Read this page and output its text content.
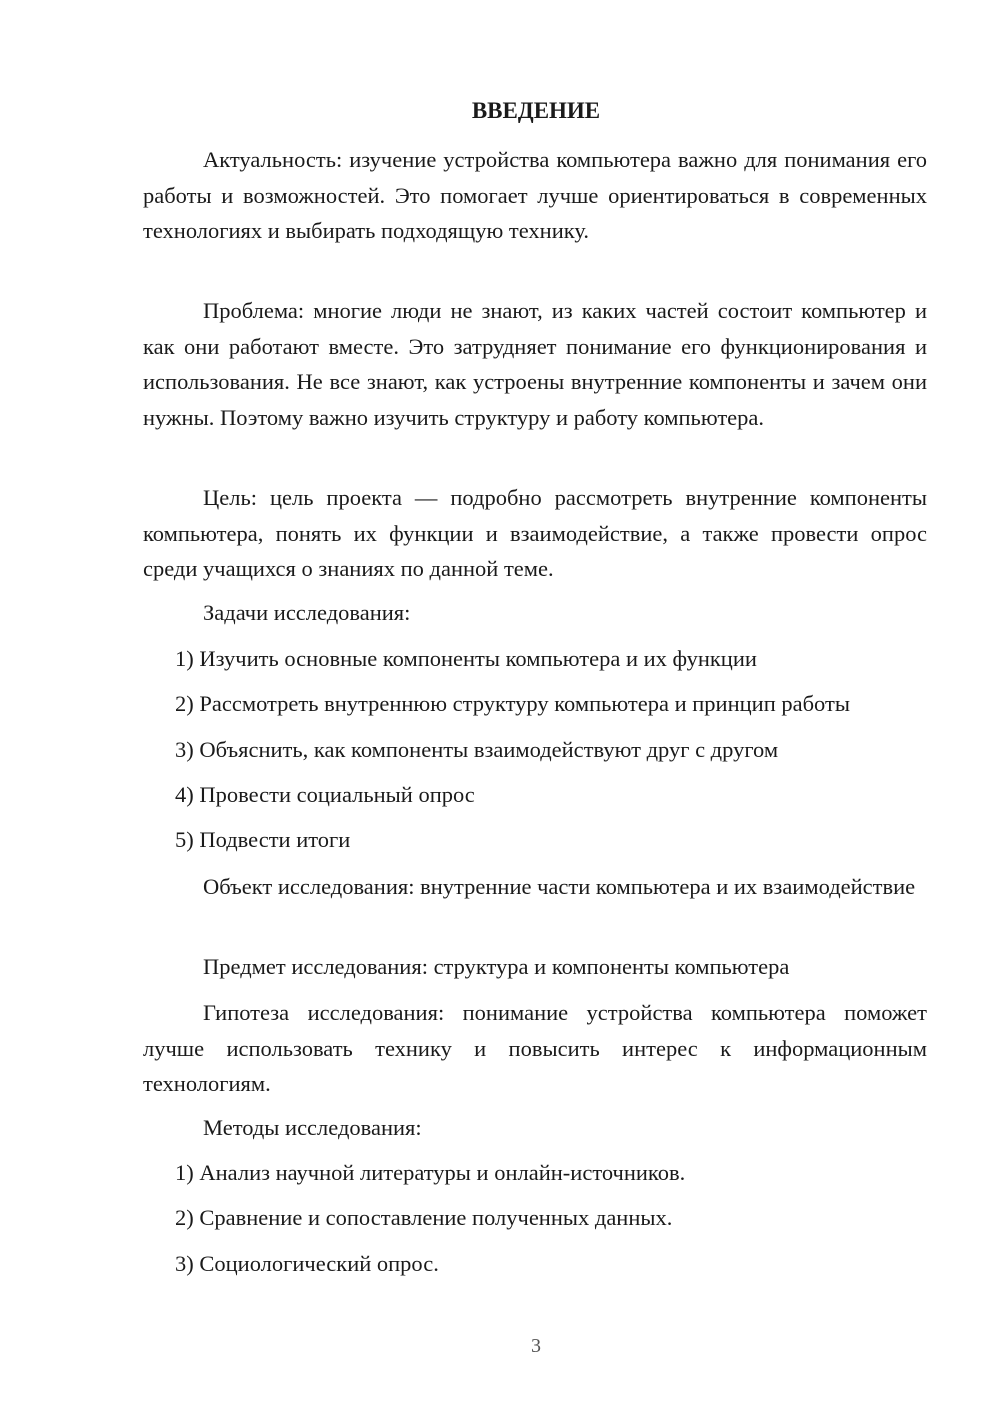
ВВЕДЕНИЕ

Актуальность: изучение устройства компьютера важно для понимания его работы и возможностей. Это помогает лучше ориентироваться в современных технологиях и выбирать подходящую технику.

Проблема: многие люди не знают, из каких частей состоит компьютер и как они работают вместе. Это затрудняет понимание его функционирования и использования. Не все знают, как устроены внутренние компоненты и зачем они нужны. Поэтому важно изучить структуру и работу компьютера.

Цель: цель проекта — подробно рассмотреть внутренние компоненты компьютера, понять их функции и взаимодействие, а также провести опрос среди учащихся о знаниях по данной теме.

Задачи исследования:

1) Изучить основные компоненты компьютера и их функции

2) Рассмотреть внутреннюю структуру компьютера и принцип работы

3) Объяснить, как компоненты взаимодействуют друг с другом

4) Провести социальный опрос

5) Подвести итоги

Объект исследования: внутренние части компьютера и их взаимодействие

Предмет исследования: структура и компоненты компьютера

Гипотеза исследования: понимание устройства компьютера поможет лучше использовать технику и повысить интерес к информационным технологиям.

Методы исследования:

1) Анализ научной литературы и онлайн-источников.

2) Сравнение и сопоставление полученных данных.

3) Социологический опрос.

3
